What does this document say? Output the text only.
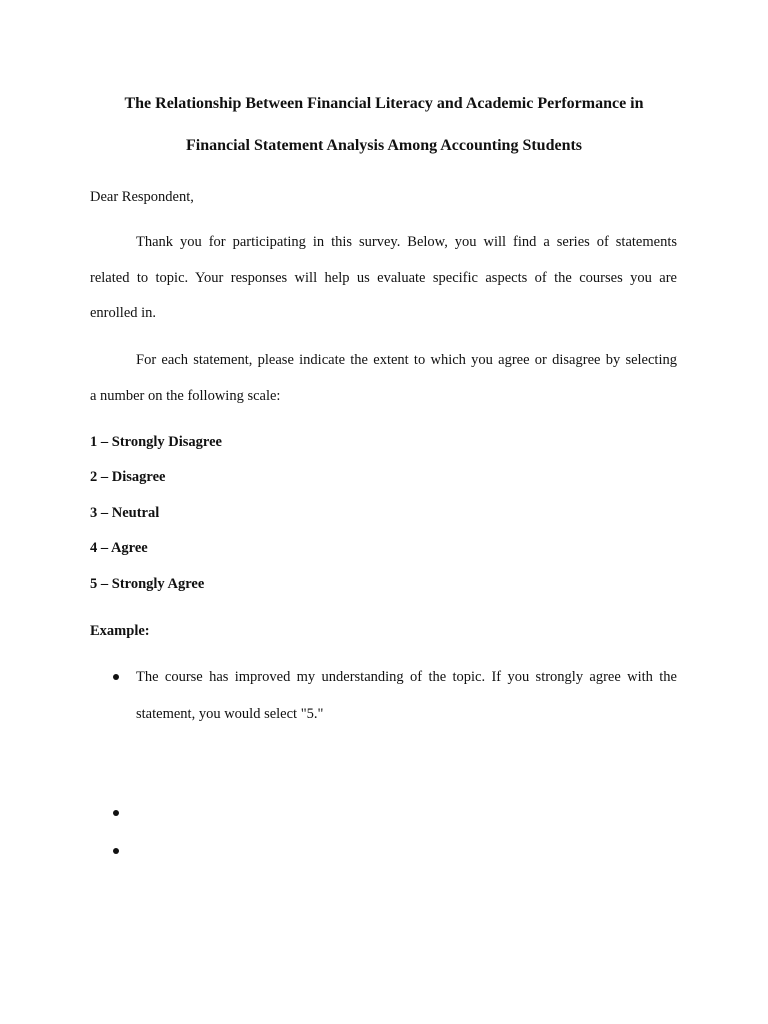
The Relationship Between Financial Literacy and Academic Performance in
Financial Statement Analysis Among Accounting Students
Dear Respondent,
Thank you for participating in this survey. Below, you will find a series of statements
related to topic. Your responses will help us evaluate specific aspects of the courses you are
enrolled in.
For each statement, please indicate the extent to which you agree or disagree by selecting
a number on the following scale:
1 – Strongly Disagree
2 – Disagree
3 – Neutral
4 – Agree
5 – Strongly Agree
Example:
The course has improved my understanding of the topic. If you strongly agree with the
statement, you would select "5."
